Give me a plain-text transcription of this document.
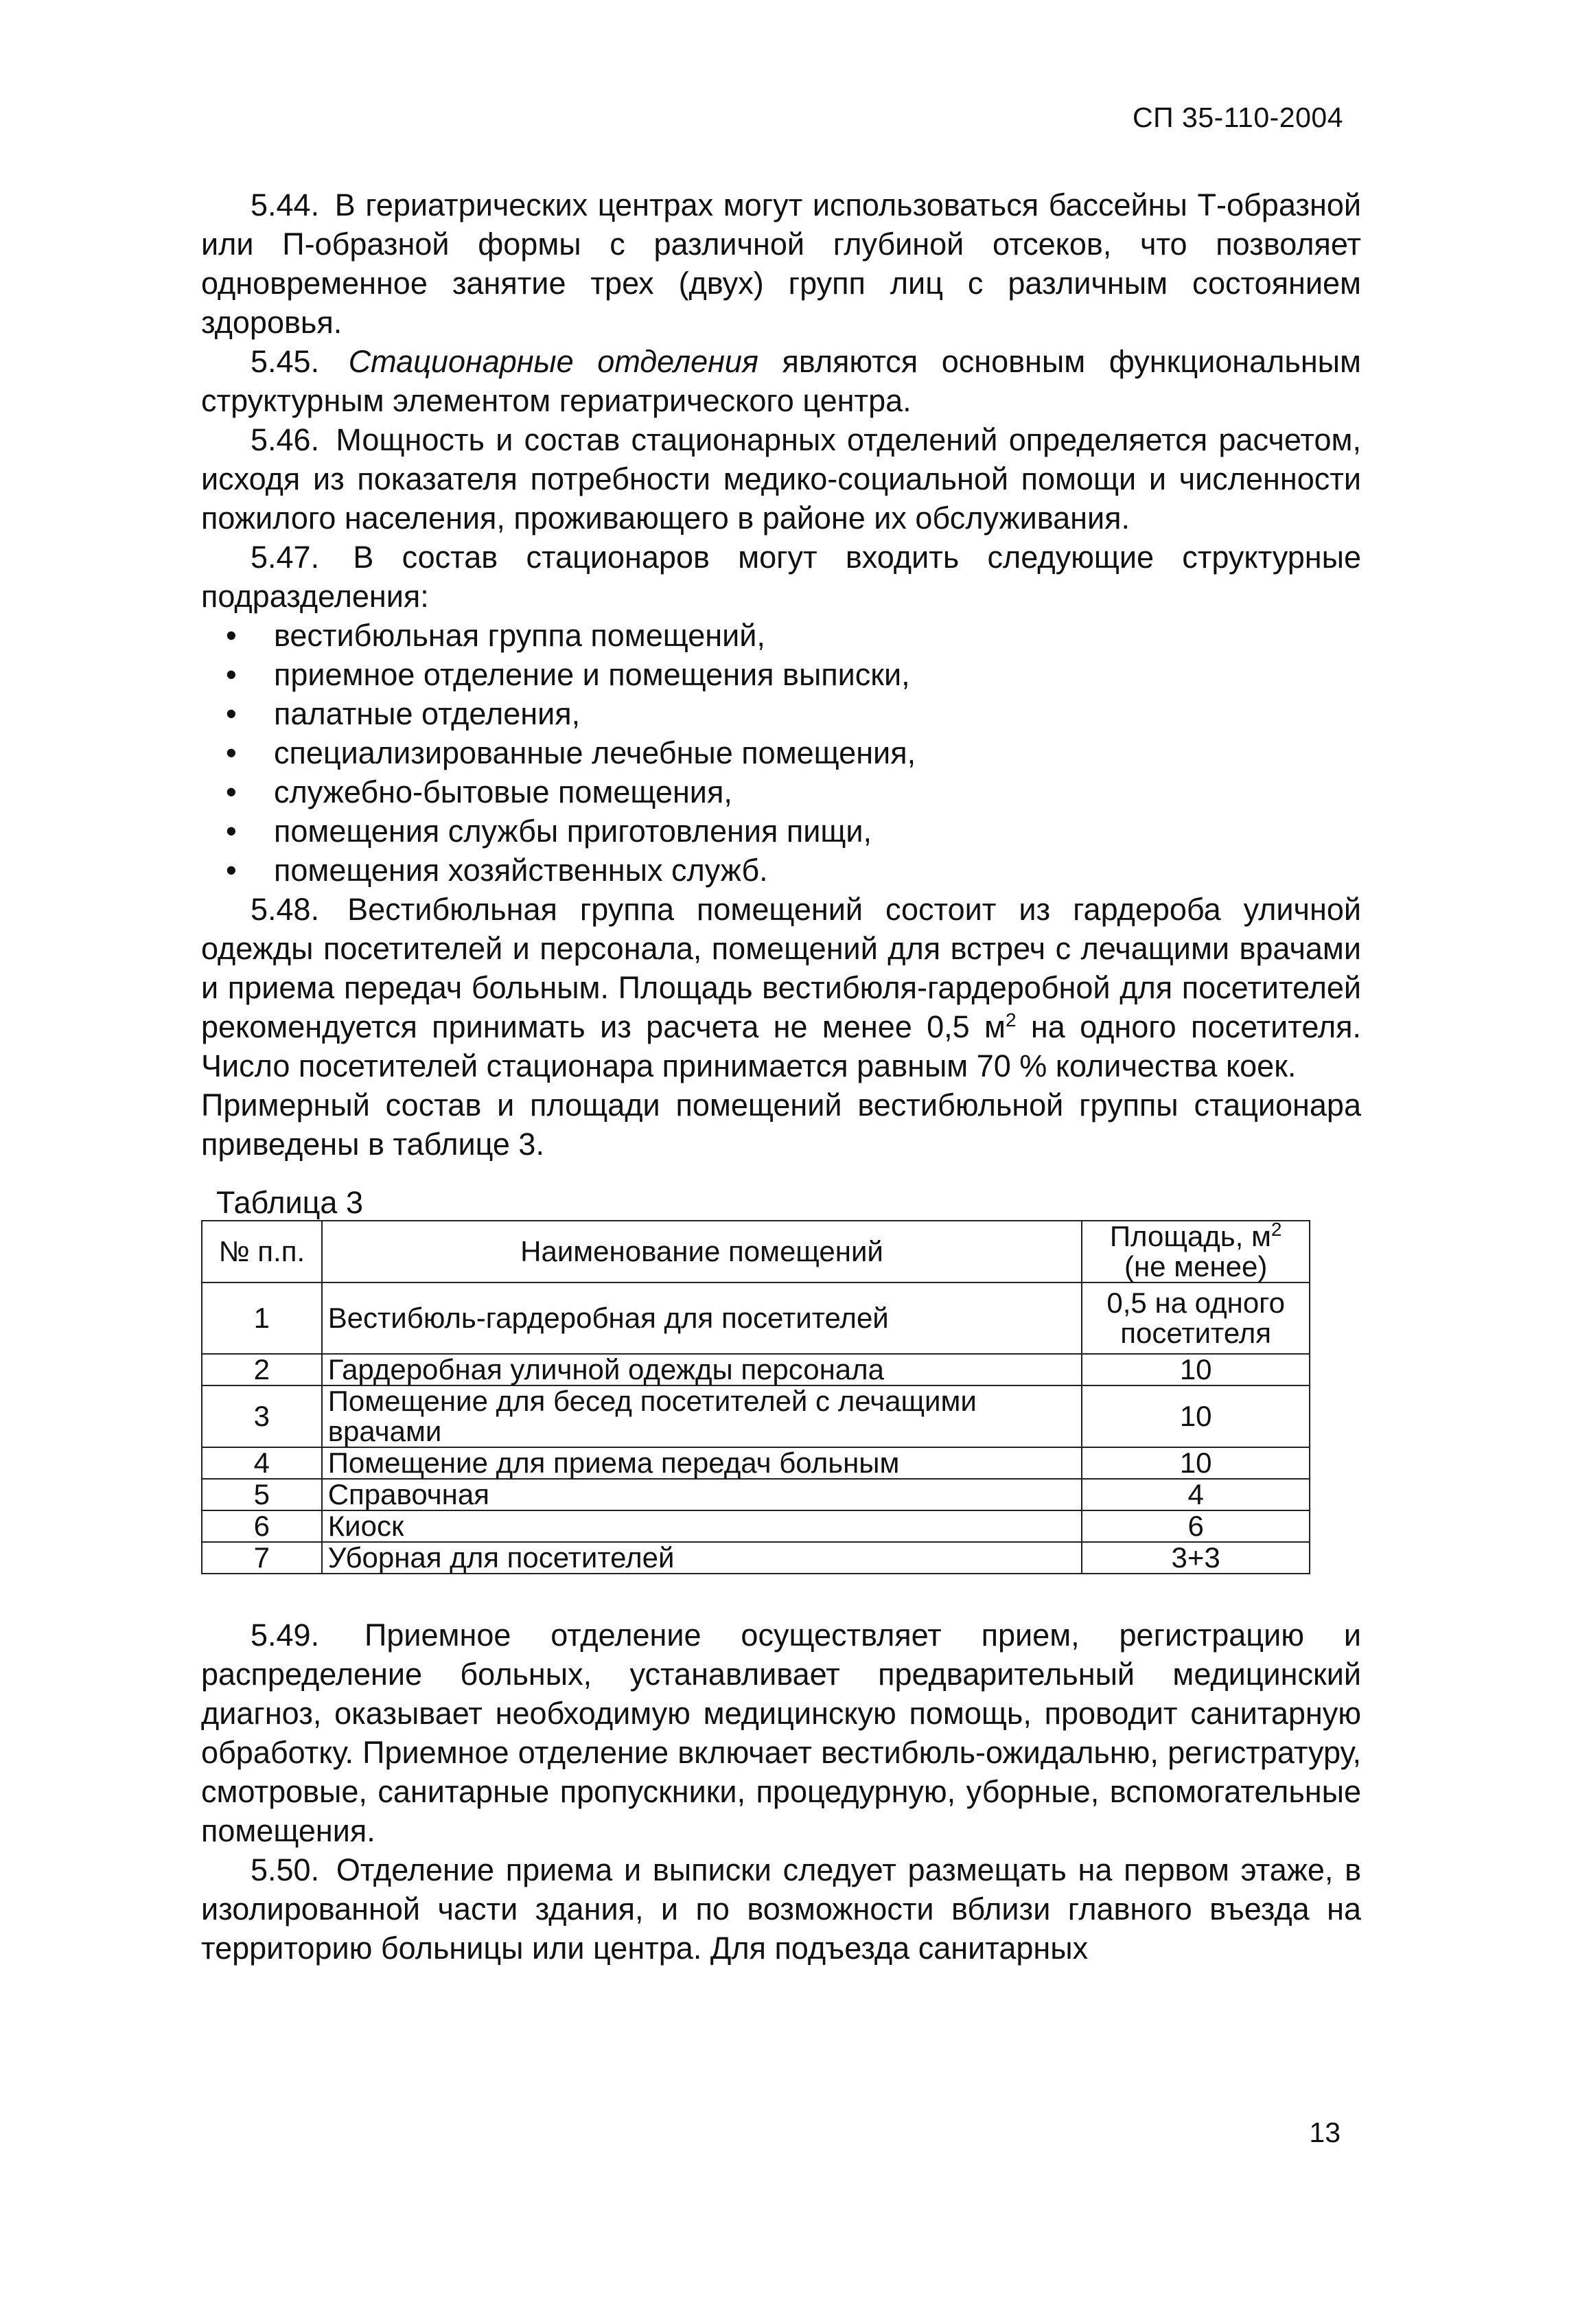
СП 35-110-2004

5.44. В гериатрических центрах могут использоваться бассейны Т-образной или П-образной формы с различной глубиной отсеков, что позволяет одновременное занятие трех (двух) групп лиц с различным состоянием здоровья.

5.45. Стационарные отделения являются основным функциональным структурным элементом гериатрического центра.

5.46. Мощность и состав стационарных отделений определяется расчетом, исходя из показателя потребности медико-социальной помощи и численности пожилого населения, проживающего в районе их обслуживания.

5.47. В состав стационаров могут входить следующие структурные подразделения:

• вестибюльная группа помещений,
• приемное отделение и помещения выписки,
• палатные отделения,
• специализированные лечебные помещения,
• служебно-бытовые помещения,
• помещения службы приготовления пищи,
• помещения хозяйственных служб.

5.48. Вестибюльная группа помещений состоит из гардероба уличной одежды посетителей и персонала, помещений для встреч с лечащими врачами и приема передач больным. Площадь вестибюля-гардеробной для посетителей рекомендуется принимать из расчета не менее 0,5 $м^2$ на одного посетителя. Число посетителей стационара принимается равным 70 % количества коек.

Примерный состав и площади помещений вестибюльной группы стационара приведены в таблице 3.

Таблица 3
№ п.п.	Наименование помещений	Площадь, $м^2$
(не менее)
1	Вестибюль-гардеробная для посетителей	0,5 на одного посетителя
2	Гардеробная уличной одежды персонала	10
3	Помещение для бесед посетителей с лечащими врачами	10
4	Помещение для приема передач больным	10
5	Справочная	4
6	Киоск	6
7	Уборная для посетителей	3+3

5.49. Приемное отделение осуществляет прием, регистрацию и распределение больных, устанавливает предварительный медицинский диагноз, оказывает необходимую медицинскую помощь, проводит санитарную обработку. Приемное отделение включает вестибюль-ожидальню, регистратуру, смотровые, санитарные пропускники, процедурную, уборные, вспомогательные помещения.

5.50. Отделение приема и выписки следует размещать на первом этаже, в изолированной части здания, и по возможности вблизи главного въезда на территорию больницы или центра. Для подъезда санитарных

13
